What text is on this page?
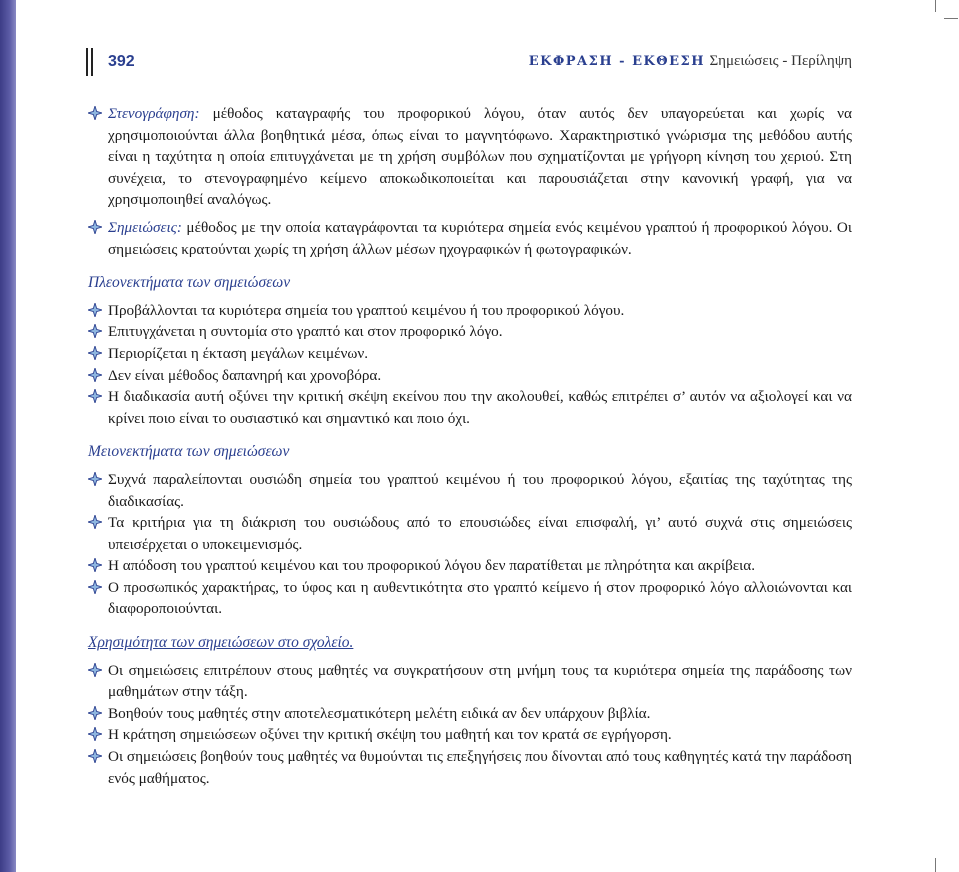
392	ΕΚΦΡΑΣΗ - ΕΚΘΕΣΗ Σημειώσεις - Περίληψη
Στενογράφηση: μέθοδος καταγραφής του προφορικού λόγου, όταν αυτός δεν υπαγορεύεται και χωρίς να χρησιμοποιούνται άλλα βοηθητικά μέσα, όπως είναι το μαγνητόφωνο. Χαρακτηριστικό γνώρισμα της μεθόδου αυτής είναι η ταχύτητα η οποία επιτυγχάνεται με τη χρήση συμβόλων που σχηματίζονται με γρήγορη κίνηση του χεριού. Στη συνέχεια, το στενογραφημένο κείμενο αποκωδικοποιείται και παρουσιάζεται στην κανονική γραφή, για να χρησιμοποιηθεί αναλόγως.
Σημειώσεις: μέθοδος με την οποία καταγράφονται τα κυριότερα σημεία ενός κειμένου γραπτού ή προφορικού λόγου. Οι σημειώσεις κρατούνται χωρίς τη χρήση άλλων μέσων ηχογραφικών ή φωτογραφικών.
Πλεονεκτήματα των σημειώσεων
Προβάλλονται τα κυριότερα σημεία του γραπτού κειμένου ή του προφορικού λόγου.
Επιτυγχάνεται η συντομία στο γραπτό και στον προφορικό λόγο.
Περιορίζεται η έκταση μεγάλων κειμένων.
Δεν είναι μέθοδος δαπανηρή και χρονοβόρα.
Η διαδικασία αυτή οξύνει την κριτική σκέψη εκείνου που την ακολουθεί, καθώς επιτρέπει σ’ αυτόν να αξιολογεί και να κρίνει ποιο είναι το ουσιαστικό και σημαντικό και ποιο όχι.
Μειονεκτήματα των σημειώσεων
Συχνά παραλείπονται ουσιώδη σημεία του γραπτού κειμένου ή του προφορικού λόγου, εξαιτίας της ταχύτητας της διαδικασίας.
Τα κριτήρια για τη διάκριση του ουσιώδους από το επουσιώδες είναι επισφαλή, γι’ αυτό συχνά στις σημειώσεις υπεισέρχεται ο υποκειμενισμός.
Η απόδοση του γραπτού κειμένου και του προφορικού λόγου δεν παρατίθεται με πληρότητα και ακρίβεια.
Ο προσωπικός χαρακτήρας, το ύφος και η αυθεντικότητα στο γραπτό κείμενο ή στον προφορικό λόγο αλλοιώνονται και διαφοροποιούνται.
Χρησιμότητα των σημειώσεων στο σχολείο.
Οι σημειώσεις επιτρέπουν στους μαθητές να συγκρατήσουν στη μνήμη τους τα κυριότερα σημεία της παράδοσης των μαθημάτων στην τάξη.
Βοηθούν τους μαθητές στην αποτελεσματικότερη μελέτη ειδικά αν δεν υπάρχουν βιβλία.
Η κράτηση σημειώσεων οξύνει την κριτική σκέψη του μαθητή και τον κρατά σε εγρήγορση.
Οι σημειώσεις βοηθούν τους μαθητές να θυμούνται τις επεξηγήσεις που δίνονται από τους καθηγητές κατά την παράδοση ενός μαθήματος.
